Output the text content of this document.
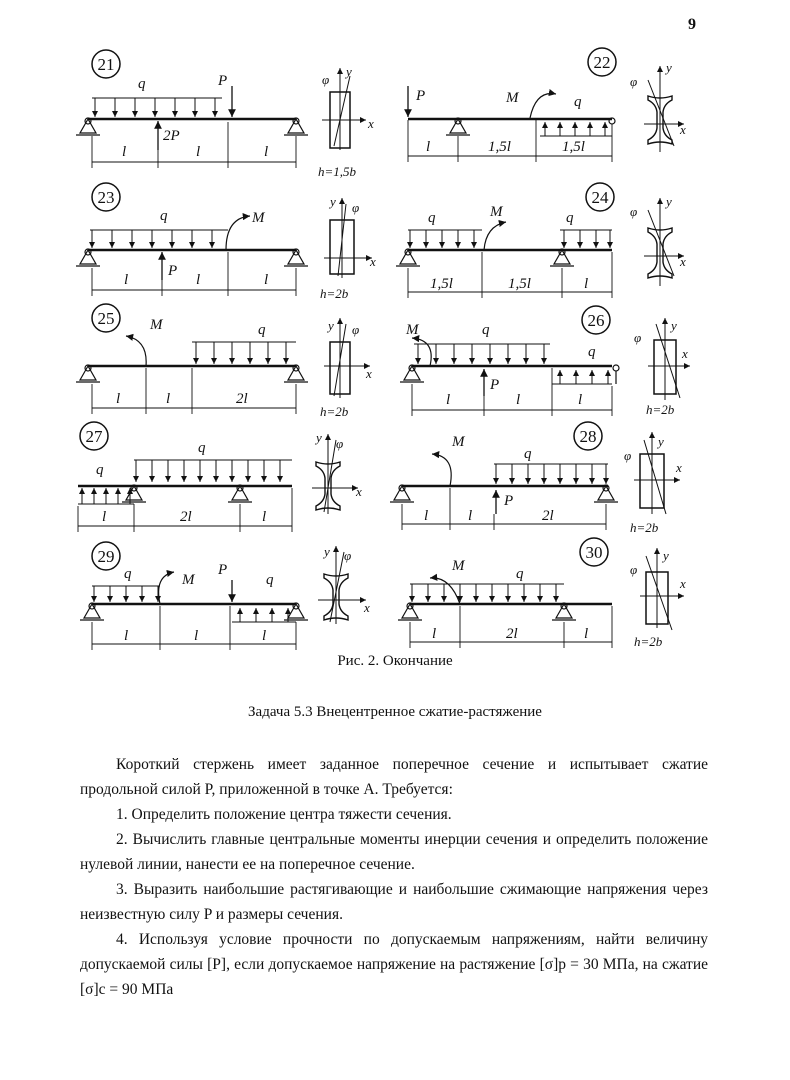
9
21
q	P
2P
l	l	l
y
φ
x
h=1,5b
22
P	M	q
l	1,5l	1,5l
y
φ
x
23
q	M
P
l	l	l
y φ
x
h=2b
24
q	M	q
1,5l	1,5l	l
y
φ
x
25 M	q
l	l	2l
y φ
x
h=2b
26
M	q
P
q
l	l	l
y
φ
x
h=2b
27
q
q
l	2l	l
y φ
x
28
M
q
P
l	l	2l
y
φ
x
h=2b
29
q	M
P
q
l	l	l
y φ
x
30
M	q
l	2l	l
y
φ
x
h=2b
Рис. 2. Окончание
Задача 5.3 Внецентренное сжатие-растяжение

Короткий стержень имеет заданное поперечное сечение и испытывает сжатие продольной силой P, приложенной в точке A. Требуется:

1. Определить положение центра тяжести сечения.

2. Вычислить главные центральные моменты инерции сечения и определить положение нулевой линии, нанести ее на поперечное сечение.

3. Выразить наибольшие растягивающие и наибольшие сжимающие напряжения через неизвестную силу P и размеры сечения.

4. Используя условие прочности по допускаемым напряжениям, найти величину допускаемой силы [P], если допускаемое напряжение на растяжение [σ]p = 30 МПа, на сжатие [σ]c = 90 МПа
